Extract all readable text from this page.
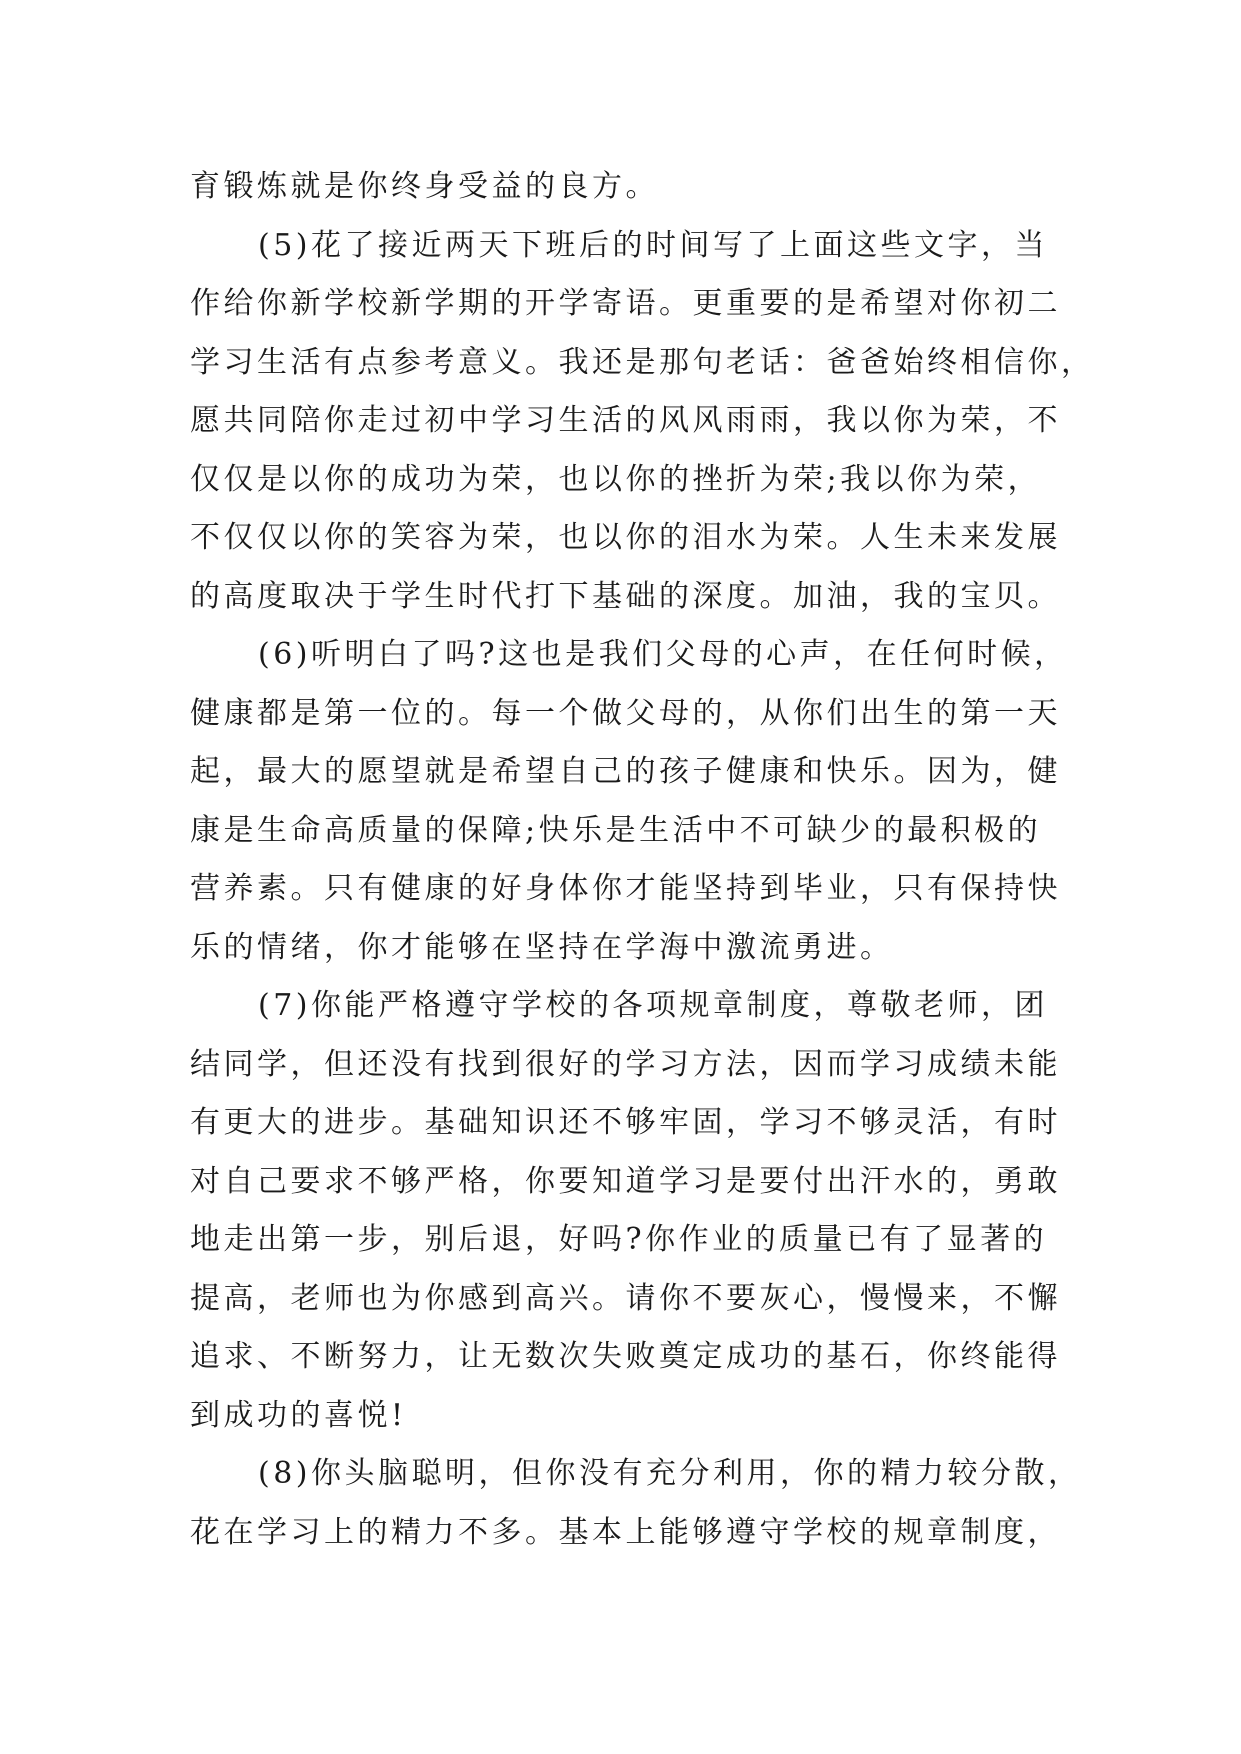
育锻炼就是你终身受益的良方。
(5)花了接近两天下班后的时间写了上面这些文字，当
作给你新学校新学期的开学寄语。更重要的是希望对你初二
学习生活有点参考意义。我还是那句老话：爸爸始终相信你，
愿共同陪你走过初中学习生活的风风雨雨，我以你为荣，不
仅仅是以你的成功为荣，也以你的挫折为荣;我以你为荣，
不仅仅以你的笑容为荣，也以你的泪水为荣。人生未来发展
的高度取决于学生时代打下基础的深度。加油，我的宝贝。
(6)听明白了吗?这也是我们父母的心声，在任何时候，
健康都是第一位的。每一个做父母的，从你们出生的第一天
起，最大的愿望就是希望自己的孩子健康和快乐。因为，健
康是生命高质量的保障;快乐是生活中不可缺少的最积极的
营养素。只有健康的好身体你才能坚持到毕业，只有保持快
乐的情绪，你才能够在坚持在学海中激流勇进。
(7)你能严格遵守学校的各项规章制度，尊敬老师，团
结同学，但还没有找到很好的学习方法，因而学习成绩未能
有更大的进步。基础知识还不够牢固，学习不够灵活，有时
对自己要求不够严格，你要知道学习是要付出汗水的，勇敢
地走出第一步，别后退，好吗?你作业的质量已有了显著的
提高，老师也为你感到高兴。请你不要灰心，慢慢来，不懈
追求、不断努力，让无数次失败奠定成功的基石，你终能得
到成功的喜悦!
(8)你头脑聪明，但你没有充分利用，你的精力较分散，
花在学习上的精力不多。基本上能够遵守学校的规章制度，
